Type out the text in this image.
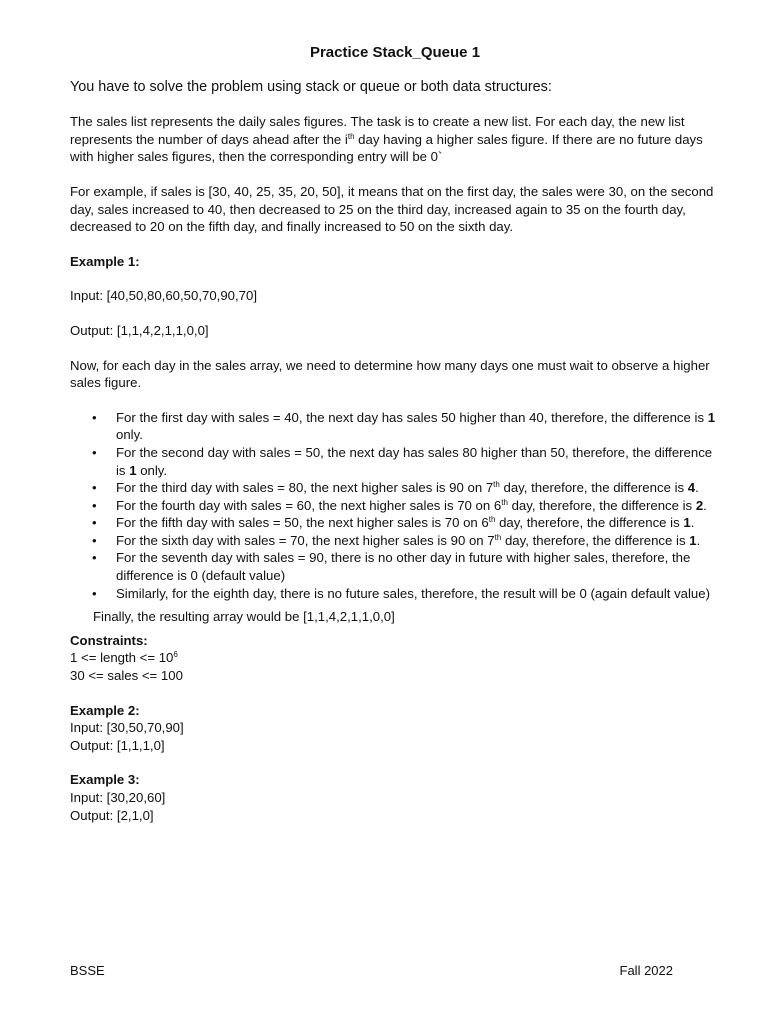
Practice Stack_Queue 1

You have to solve the problem using stack or queue or both data structures:

The sales list represents the daily sales figures. The task is to create a new list. For each day, the new list represents the number of days ahead after the $i^{th}$ day having a higher sales figure. If there are no future days with higher sales figures, then the corresponding entry will be 0`

For example, if sales is [30, 40, 25, 35, 20, 50], it means that on the first day, the sales were 30, on the second day, sales increased to 40, then decreased to 25 on the third day, increased again to 35 on the fourth day, decreased to 20 on the fifth day, and finally increased to 50 on the sixth day.

Example 1:

Input: [40,50,80,60,50,70,90,70]

Output: [1,1,4,2,1,1,0,0]

Now, for each day in the sales array, we need to determine how many days one must wait to observe a higher sales figure.

• For the first day with sales = 40, the next day has sales 50 higher than 40, therefore, the difference is 1 only.
• For the second day with sales = 50, the next day has sales 80 higher than 50, therefore, the difference is 1 only.
• For the third day with sales = 80, the next higher sales is 90 on 7th day, therefore, the difference is 4.
• For the fourth day with sales = 60, the next higher sales is 70 on 6th day, therefore, the difference is 2.
• For the fifth day with sales = 50, the next higher sales is 70 on 6th day, therefore, the difference is 1.
• For the sixth day with sales = 70, the next higher sales is 90 on 7th day, therefore, the difference is 1.
• For the seventh day with sales = 90, there is no other day in future with higher sales, therefore, the difference is 0 (default value)
• Similarly, for the eighth day, there is no future sales, therefore, the result will be 0 (again default value)

Finally, the resulting array would be [1,1,4,2,1,1,0,0]

Constraints:

1 <= length <= $10^6$

30 <= sales <= 100

Example 2:

Input: [30,50,70,90]

Output: [1,1,1,0]

Example 3:

Input: [30,20,60]

Output: [2,1,0]

BSSE	Fall 2022
